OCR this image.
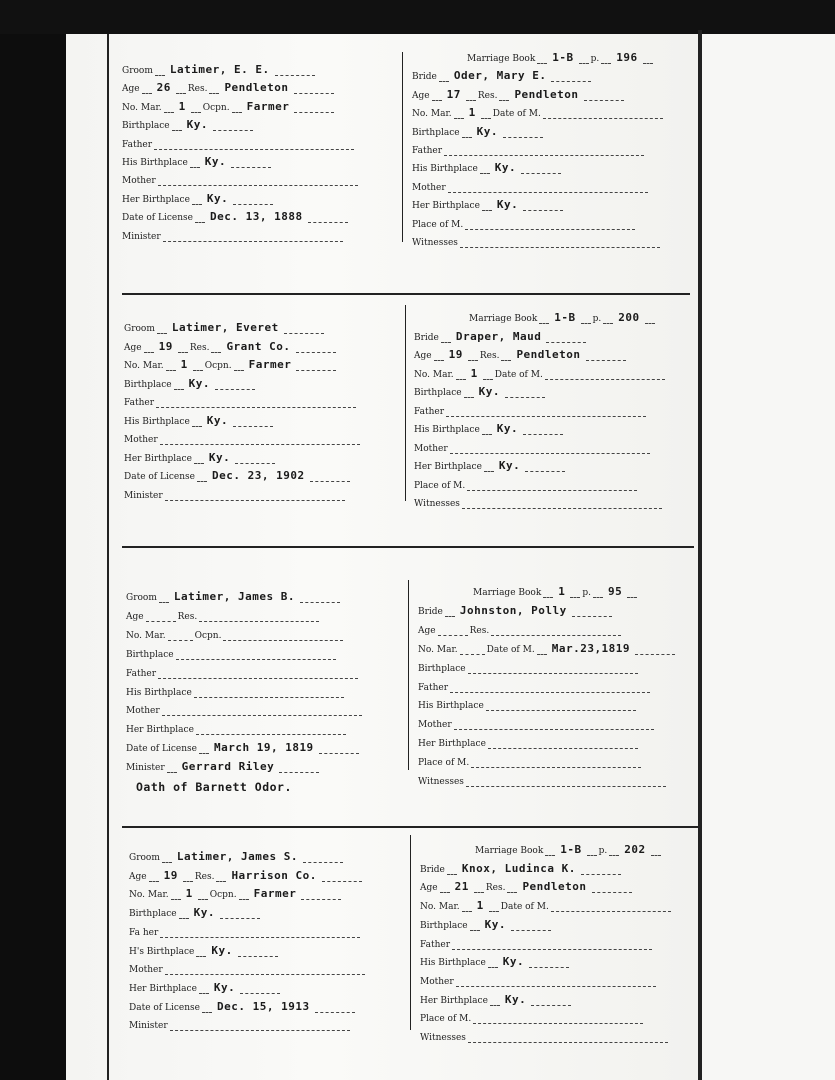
Groom Latimer, E. E.
Age 26	Res. Pendleton
No. Mar. 1	Ocpn. Farmer
Birthplace Ky.
Father
His Birthplace Ky.
Mother
Her Birthplace Ky.
Date of License Dec. 13, 1888
Minister
Marriage Book 1-B	p. 196
Bride Oder, Mary E.
Age 17	Res. Pendleton
No. Mar. 1	Date of M.
Birthplace Ky.
Father
His Birthplace Ky.
Mother
Her Birthplace Ky.
Place of M.
Witnesses
Groom Latimer, Everet
Age 19	Res. Grant Co.
No. Mar. 1	Ocpn. Farmer
Birthplace Ky.
Father
His Birthplace Ky.
Mother
Her Birthplace Ky.
Date of License Dec. 23, 1902
Minister
Marriage Book 1-B	p. 200
Bride Draper, Maud
Age 19	Res. Pendleton
No. Mar. 1	Date of M.
Birthplace Ky.
Father
His Birthplace Ky.
Mother
Her Birthplace Ky.
Place of M.
Witnesses
Groom Latimer, James B.
Age	Res.
No. Mar.	Ocpn.
Birthplace
Father
His Birthplace
Mother
Her Birthplace
Date of License March 19, 1819
Minister Gerrard Riley
Marriage Book 1	p. 95
Bride Johnston, Polly
Age	Res.
No. Mar.	Date of M. Mar.23,1819
Birthplace
Father
His Birthplace
Mother
Her Birthplace
Place of M.
Witnesses
Oath of Barnett Odor.
Groom Latimer, James S.
Age 19	Res. Harrison Co.
No. Mar. 1	Ocpn. Farmer
Birthplace Ky.
Fa her
H's Birthplace Ky.
Mother
Her Birthplace Ky.
Date of License Dec. 15, 1913
Minister
Marriage Book 1-B	p. 202
Bride Knox, Ludinca K.
Age 21	Res. Pendleton
No. Mar. 1	Date of M.
Birthplace Ky.
Father
His Birthplace Ky.
Mother
Her Birthplace Ky.
Place of M.
Witnesses
